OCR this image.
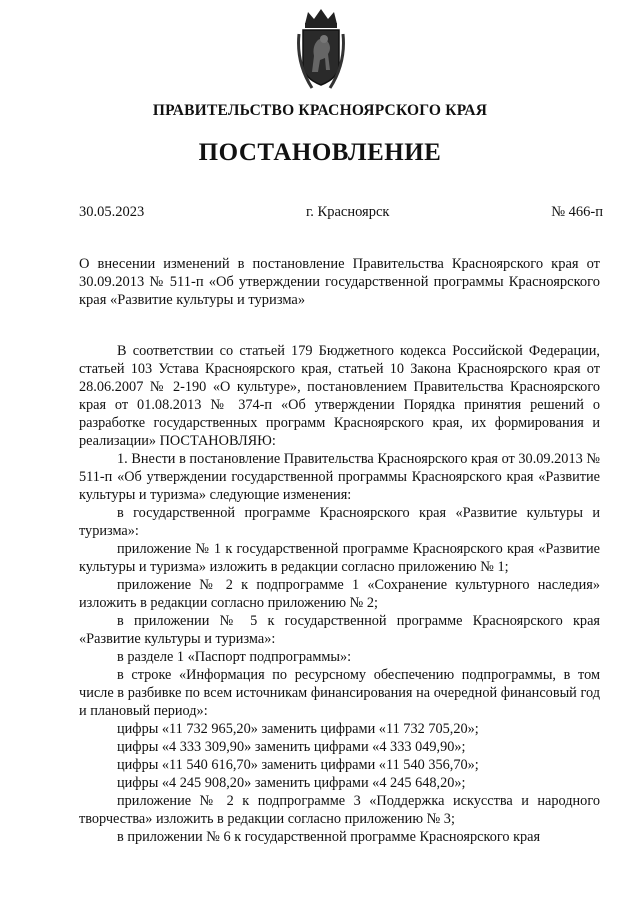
ПРАВИТЕЛЬСТВО КРАСНОЯРСКОГО КРАЯ
ПОСТАНОВЛЕНИЕ
30.05.2023	г. Красноярск	№ 466-п
О внесении изменений в постановление Правительства Красноярского края от 30.09.2013 № 511-п «Об утверждении государственной программы Красноярского края «Развитие культуры и туризма»

В соответствии со статьей 179 Бюджетного кодекса Российской Федерации, статьей 103 Устава Красноярского края, статьей 10 Закона Красноярского края от 28.06.2007 № 2-190 «О культуре», постановлением Правительства Красноярского края от 01.08.2013 № 374-п «Об утверждении Порядка принятия решений о разработке государственных программ Красноярского края, их формирования и реализации» ПОСТАНОВЛЯЮ:

1. Внести в постановление Правительства Красноярского края от 30.09.2013 № 511-п «Об утверждении государственной программы Красноярского края «Развитие культуры и туризма» следующие изменения:

в государственной программе Красноярского края «Развитие культуры и туризма»:

приложение № 1 к государственной программе Красноярского края «Развитие культуры и туризма» изложить в редакции согласно приложению № 1;

приложение № 2 к подпрограмме 1 «Сохранение культурного наследия» изложить в редакции согласно приложению № 2;

в приложении № 5 к государственной программе Красноярского края «Развитие культуры и туризма»:

в разделе 1 «Паспорт подпрограммы»:

в строке «Информация по ресурсному обеспечению подпрограммы, в том числе в разбивке по всем источникам финансирования на очередной финансовый год и плановый период»:

цифры «11 732 965,20» заменить цифрами «11 732 705,20»;

цифры «4 333 309,90» заменить цифрами «4 333 049,90»;

цифры «11 540 616,70» заменить цифрами «11 540 356,70»;

цифры «4 245 908,20» заменить цифрами «4 245 648,20»;

приложение № 2 к подпрограмме 3 «Поддержка искусства и народного творчества» изложить в редакции согласно приложению № 3;

в приложении № 6 к государственной программе Красноярского края
